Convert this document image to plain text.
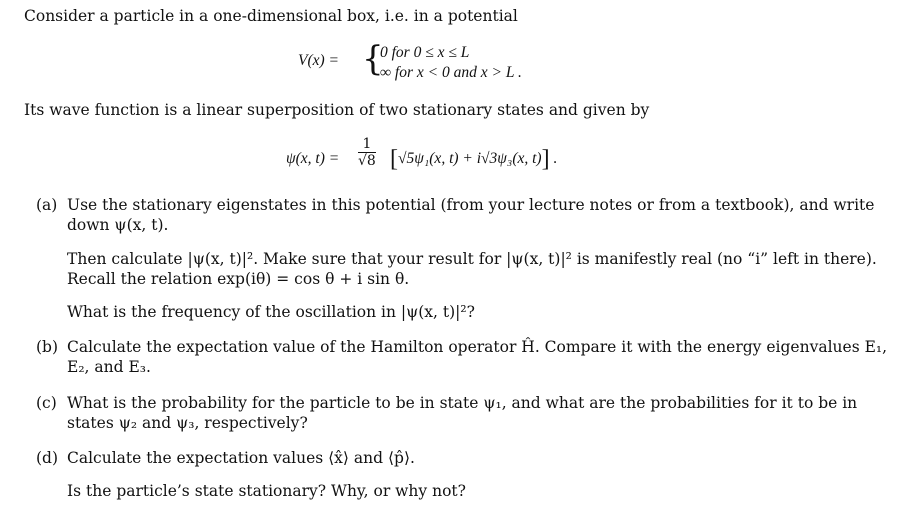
Consider a particle in a one-dimensional box, i.e. in a potential
V(x) = {
0 for 0 ≤ x ≤ L
∞ for x < 0 and x > L .
Its wave function is a linear superposition of two stationary states and given by
ψ(x, $t) = \frac{1}{√8} [√5\psi_1(x$, t) + i√3ψ₃(x, t)] .
(a) Use the stationary eigenstates in this potential (from your lecture notes or from a textbook), and write
down ψ(x, t).
Then calculate |ψ(x, t)|². Make sure that your result for |ψ(x, t)|² is manifestly real (no “i” left in there).
Recall the relation exp(iθ) = cos θ + i sin θ.
What is the frequency of the oscillation in |ψ(x, t)|²?
(b) Calculate the expectation value of the Hamilton operator Ĥ. Compare it with the energy eigenvalues E₁,
E₂, and E₃.
(c) What is the probability for the particle to be in state ψ₁, and what are the probabilities for it to be in
states ψ₂ and ψ₃, respectively?
(d) Calculate the expectation values ⟨x̂⟩ and ⟨p̂⟩.
Is the particle’s state stationary? Why, or why not?
